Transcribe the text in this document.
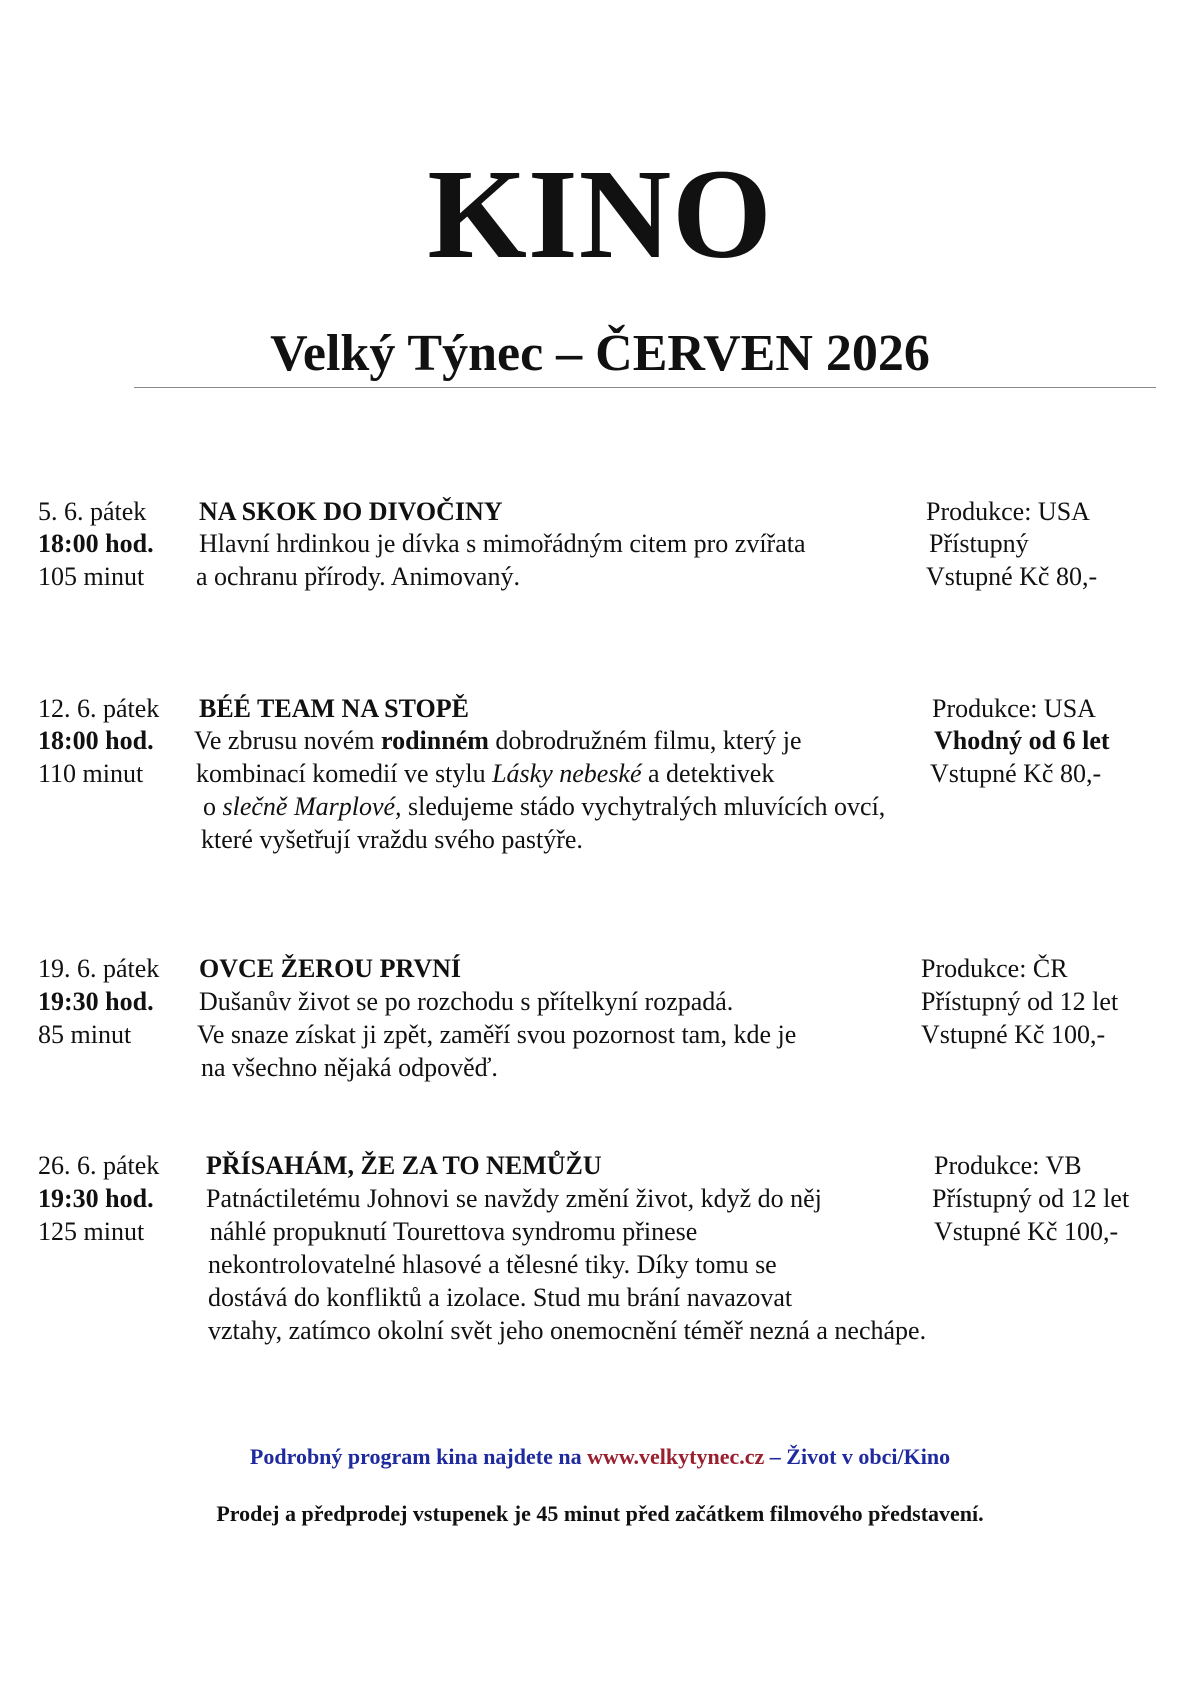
KINO
Velký Týnec – ČERVEN 2026
5. 6. pátek
18:00 hod.
105 minut
NA SKOK DO DIVOČINY
Hlavní hrdinkou je dívka s mimořádným citem pro zvířata
a ochranu přírody. Animovaný.
Produkce: USA
Přístupný
Vstupné Kč 80,-
12. 6. pátek
18:00 hod.
110 minut
BÉÉ TEAM NA STOPĚ
Ve zbrusu novém rodinném dobrodružném filmu, který je
kombinací komedií ve stylu Lásky nebeské a detektivek
o slečně Marplové, sledujeme stádo vychytralých mluvících ovcí,
které vyšetřují vraždu svého pastýře.
Produkce: USA
Vhodný od 6 let
Vstupné Kč 80,-
19. 6. pátek
19:30 hod.
85 minut
OVCE ŽEROU PRVNÍ
Dušanův život se po rozchodu s přítelkyní rozpadá.
Ve snaze získat ji zpět, zaměří svou pozornost tam, kde je
na všechno nějaká odpověď.
Produkce: ČR
Přístupný od 12 let
Vstupné Kč 100,-
26. 6. pátek
19:30 hod.
125 minut
PŘÍSAHÁM, ŽE ZA TO NEMŮŽU
Patnáctiletému Johnovi se navždy změní život, když do něj
náhlé propuknutí Tourettova syndromu přinese
nekontrolovatelné hlasové a tělesné tiky. Díky tomu se
dostává do konfliktů a izolace. Stud mu brání navazovat
vztahy, zatímco okolní svět jeho onemocnění téměř nezná a nechápe.
Produkce: VB
Přístupný od 12 let
Vstupné Kč 100,-
Podrobný program kina najdete na www.velkytynec.cz – Život v obci/Kino
Prodej a předprodej vstupenek je 45 minut před začátkem filmového představení.
